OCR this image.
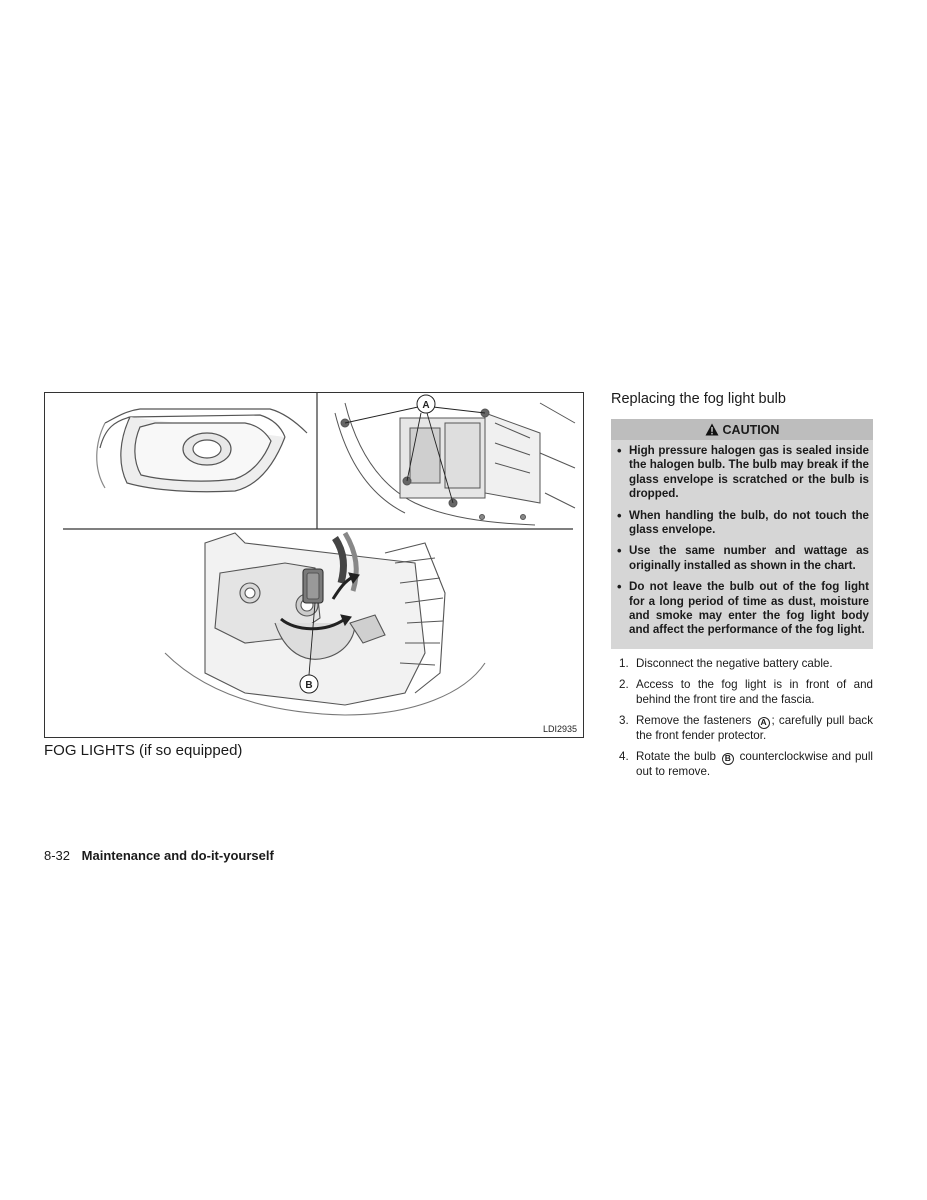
A
B
LDI2935
FOG LIGHTS (if so equipped)
8-32 Maintenance and do-it-yourself
Replacing the fog light bulb
CAUTION
• High pressure halogen gas is sealed inside the halogen bulb. The bulb may break if the glass envelope is scratched or the bulb is dropped.
• When handling the bulb, do not touch the glass envelope.
• Use the same number and wattage as originally installed as shown in the chart.
• Do not leave the bulb out of the fog light for a long period of time as dust, moisture and smoke may enter the fog light body and affect the performance of the fog light.
1. Disconnect the negative battery cable.
2. Access to the fog light is in front of and behind the front tire and the fascia.
3. Remove the fasteners A ; carefully pull back the front fender protector.
4. Rotate the bulb B counterclockwise and pull out to remove.
